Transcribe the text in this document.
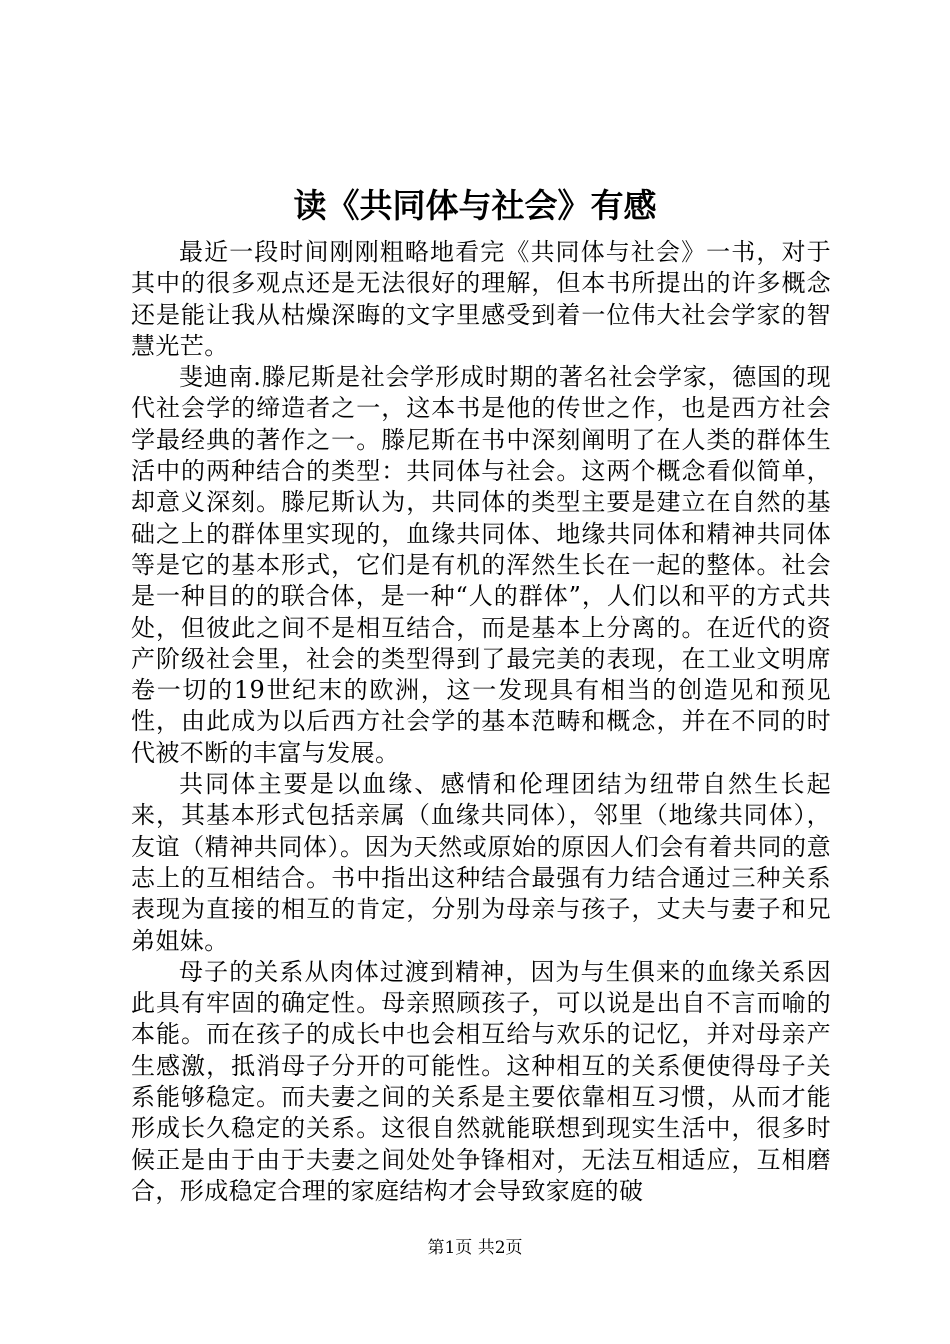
读《共同体与社会》有感

最近一段时间刚刚粗略地看完《共同体与社会》一书，对于其中的很多观点还是无法很好的理解，但本书所提出的许多概念还是能让我从枯燥深晦的文字里感受到着一位伟大社会学家的智慧光芒。

斐迪南.滕尼斯是社会学形成时期的著名社会学家，德国的现代社会学的缔造者之一，这本书是他的传世之作，也是西方社会学最经典的著作之一。滕尼斯在书中深刻阐明了在人类的群体生活中的两种结合的类型：共同体与社会。这两个概念看似简单，却意义深刻。滕尼斯认为，共同体的类型主要是建立在自然的基础之上的群体里实现的，血缘共同体、地缘共同体和精神共同体等是它的基本形式，它们是有机的浑然生长在一起的整体。社会是一种目的的联合体，是一种“人的群体”，人们以和平的方式共处，但彼此之间不是相互结合，而是基本上分离的。在近代的资产阶级社会里，社会的类型得到了最完美的表现，在工业文明席卷一切的19世纪末的欧洲，这一发现具有相当的创造见和预见性，由此成为以后西方社会学的基本范畴和概念，并在不同的时代被不断的丰富与发展。

共同体主要是以血缘、感情和伦理团结为纽带自然生长起来，其基本形式包括亲属（血缘共同体），邻里（地缘共同体），友谊（精神共同体）。因为天然或原始的原因人们会有着共同的意志上的互相结合。书中指出这种结合最强有力结合通过三种关系表现为直接的相互的肯定，分别为母亲与孩子，丈夫与妻子和兄弟姐妹。

母子的关系从肉体过渡到精神，因为与生俱来的血缘关系因此具有牢固的确定性。母亲照顾孩子，可以说是出自不言而喻的本能。而在孩子的成长中也会相互给与欢乐的记忆，并对母亲产生感激，抵消母子分开的可能性。这种相互的关系便使得母子关系能够稳定。而夫妻之间的关系是主要依靠相互习惯，从而才能形成长久稳定的关系。这很自然就能联想到现实生活中，很多时候正是由于由于夫妻之间处处争锋相对，无法互相适应，互相磨合，形成稳定合理的家庭结构才会导致家庭的破

第1页 共2页
